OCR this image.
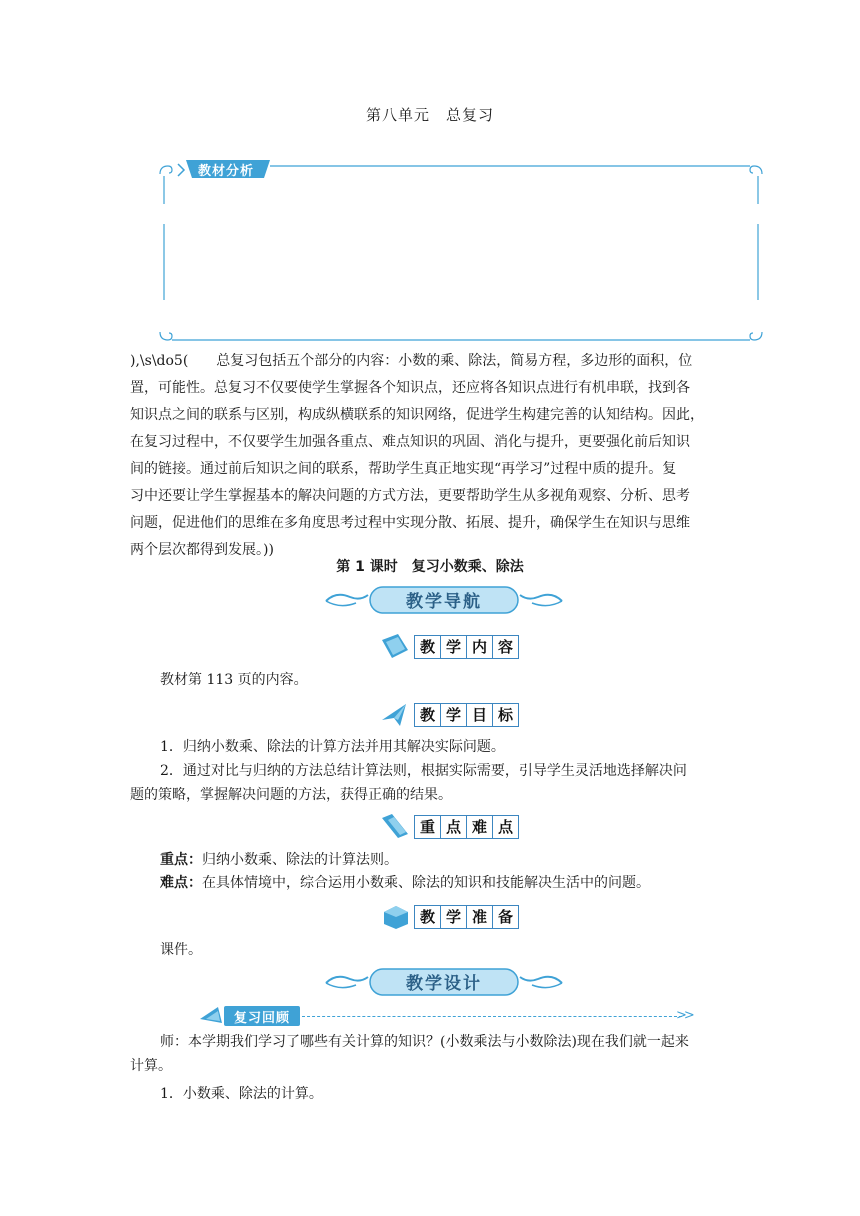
第八单元　总复习
教材分析

),\s\do5(　　总复习包括五个部分的内容：小数的乘、除法，简易方程，多边形的面积，位

置，可能性。总复习不仅要使学生掌握各个知识点，还应将各知识点进行有机串联，找到各

知识点之间的联系与区别，构成纵横联系的知识网络，促进学生构建完善的认知结构。因此，

在复习过程中，不仅要学生加强各重点、难点知识的巩固、消化与提升，更要强化前后知识

间的链接。通过前后知识之间的联系，帮助学生真正地实现“再学习”过程中质的提升。复

习中还要让学生掌握基本的解决问题的方式方法，更要帮助学生从多视角观察、分析、思考

问题，促进他们的思维在多角度思考过程中实现分散、拓展、提升，确保学生在知识与思维

两个层次都得到发展。))

第 1 课时　复习小数乘、除法
教学导航
教 学 内 容
教材第 113 页的内容。
教 学 目 标
1．归纳小数乘、除法的计算方法并用其解决实际问题。
2．通过对比与归纳的方法总结计算法则，根据实际需要，引导学生灵活地选择解决问
题的策略，掌握解决问题的方法，获得正确的结果。
重 点 难 点
重点：归纳小数乘、除法的计算法则。
难点：在具体情境中，综合运用小数乘、除法的知识和技能解决生活中的问题。
教 学 准 备
课件。
教学设计
复习回顾	>>
师：本学期我们学习了哪些有关计算的知识？(小数乘法与小数除法)现在我们就一起来
计算。
1．小数乘、除法的计算。
